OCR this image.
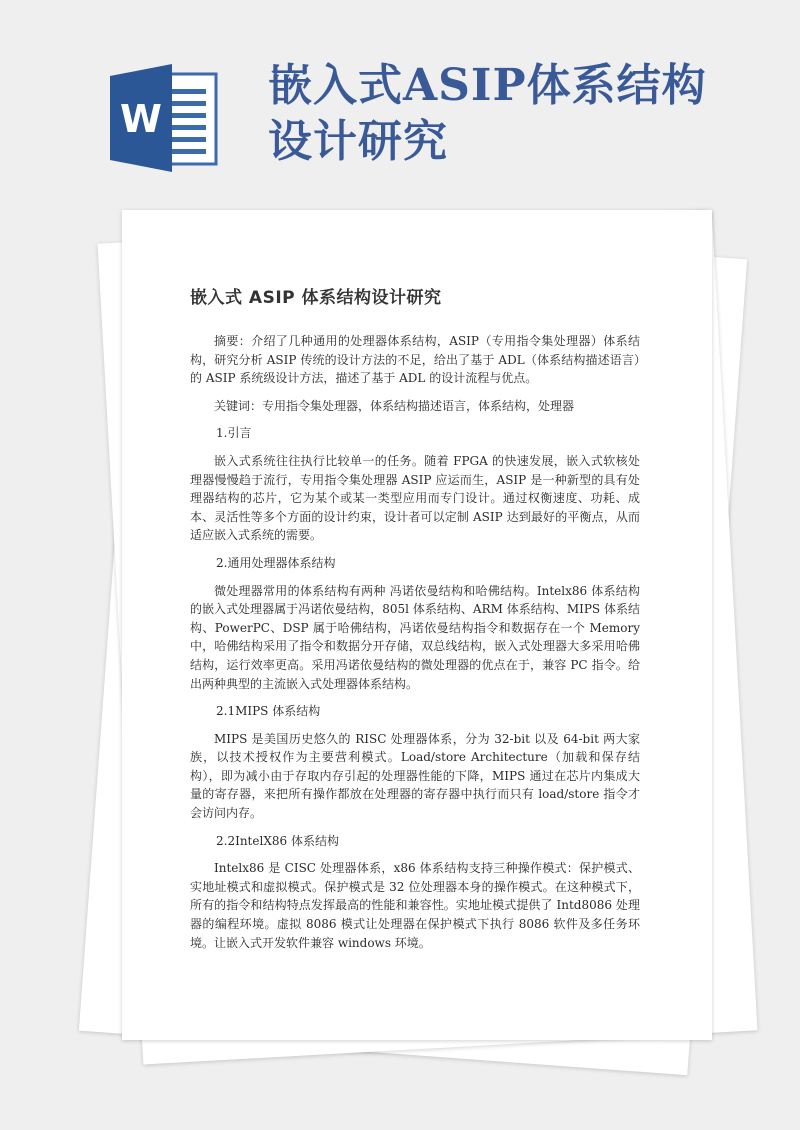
W
嵌入式ASIP体系结构设计研究
嵌入式 ASIP 体系结构设计研究

摘要：介绍了几种通用的处理器体系结构，ASIP（专用指令集处理器）体系结构，研究分析 ASIP 传统的设计方法的不足，给出了基于 ADL（体系结构描述语言）的 ASIP 系统级设计方法，描述了基于 ADL 的设计流程与优点。

关键词：专用指令集处理器，体系结构描述语言，体系结构，处理器

1.引言

嵌入式系统往往执行比较单一的任务。随着 FPGA 的快速发展，嵌入式软核处理器慢慢趋于流行，专用指令集处理器 ASIP 应运而生，ASIP 是一种新型的具有处理器结构的芯片，它为某个或某一类型应用而专门设计。通过权衡速度、功耗、成本、灵活性等多个方面的设计约束，设计者可以定制 ASIP 达到最好的平衡点，从而适应嵌入式系统的需要。

2.通用处理器体系结构

微处理器常用的体系结构有两种 冯诺依曼结构和哈佛结构。Intelx86 体系结构的嵌入式处理器属于冯诺依曼结构，805l 体系结构、ARM 体系结构、MIPS 体系结构、PowerPC、DSP 属于哈佛结构，冯诺依曼结构指令和数据存在一个 Memory 中，哈佛结构采用了指令和数据分开存储，双总线结构，嵌入式处理器大多采用哈佛结构，运行效率更高。采用冯诺依曼结构的微处理器的优点在于，兼容 PC 指令。给出两种典型的主流嵌入式处理器体系结构。

2.1MIPS 体系结构

MIPS 是美国历史悠久的 RISC 处理器体系，分为 32-bit 以及 64-bit 两大家族，以技术授权作为主要营利模式。Load/store Architecture（加载和保存结构），即为减小由于存取内存引起的处理器性能的下降，MIPS 通过在芯片内集成大量的寄存器，来把所有操作都放在处理器的寄存器中执行而只有 load/store 指令才会访问内存。

2.2IntelX86 体系结构

Intelx86 是 CISC 处理器体系，x86 体系结构支持三种操作模式：保护模式、实地址模式和虚拟模式。保护模式是 32 位处理器本身的操作模式。在这种模式下，所有的指令和结构特点发挥最高的性能和兼容性。实地址模式提供了 Intd8086 处理器的编程环境。虚拟 8086 模式让处理器在保护模式下执行 8086 软件及多任务环境。让嵌入式开发软件兼容 windows 环境。
